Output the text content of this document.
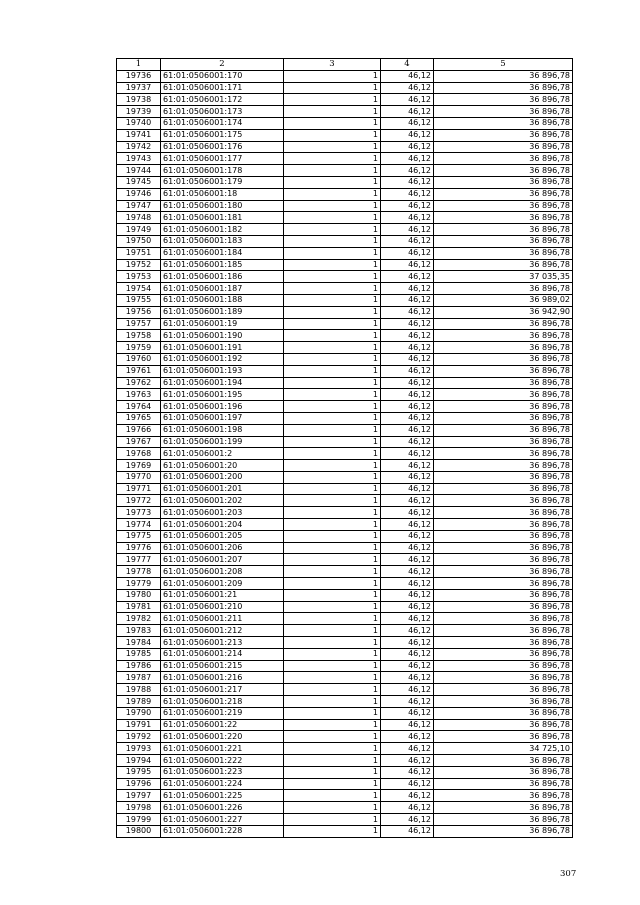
1	2	3	4	5
19736	61:01:0506001:170	1	46,12	36 896,78
19737	61:01:0506001:171	1	46,12	36 896,78
19738	61:01:0506001:172	1	46,12	36 896,78
19739	61:01:0506001:173	1	46,12	36 896,78
19740	61:01:0506001:174	1	46,12	36 896,78
19741	61:01:0506001:175	1	46,12	36 896,78
19742	61:01:0506001:176	1	46,12	36 896,78
19743	61:01:0506001:177	1	46,12	36 896,78
19744	61:01:0506001:178	1	46,12	36 896,78
19745	61:01:0506001:179	1	46,12	36 896,78
19746	61:01:0506001:18	1	46,12	36 896,78
19747	61:01:0506001:180	1	46,12	36 896,78
19748	61:01:0506001:181	1	46,12	36 896,78
19749	61:01:0506001:182	1	46,12	36 896,78
19750	61:01:0506001:183	1	46,12	36 896,78
19751	61:01:0506001:184	1	46,12	36 896,78
19752	61:01:0506001:185	1	46,12	36 896,78
19753	61:01:0506001:186	1	46,12	37 035,35
19754	61:01:0506001:187	1	46,12	36 896,78
19755	61:01:0506001:188	1	46,12	36 989,02
19756	61:01:0506001:189	1	46,12	36 942,90
19757	61:01:0506001:19	1	46,12	36 896,78
19758	61:01:0506001:190	1	46,12	36 896,78
19759	61:01:0506001:191	1	46,12	36 896,78
19760	61:01:0506001:192	1	46,12	36 896,78
19761	61:01:0506001:193	1	46,12	36 896,78
19762	61:01:0506001:194	1	46,12	36 896,78
19763	61:01:0506001:195	1	46,12	36 896,78
19764	61:01:0506001:196	1	46,12	36 896,78
19765	61:01:0506001:197	1	46,12	36 896,78
19766	61:01:0506001:198	1	46,12	36 896,78
19767	61:01:0506001:199	1	46,12	36 896,78
19768	61:01:0506001:2	1	46,12	36 896,78
19769	61:01:0506001:20	1	46,12	36 896,78
19770	61:01:0506001:200	1	46,12	36 896,78
19771	61:01:0506001:201	1	46,12	36 896,78
19772	61:01:0506001:202	1	46,12	36 896,78
19773	61:01:0506001:203	1	46,12	36 896,78
19774	61:01:0506001:204	1	46,12	36 896,78
19775	61:01:0506001:205	1	46,12	36 896,78
19776	61:01:0506001:206	1	46,12	36 896,78
19777	61:01:0506001:207	1	46,12	36 896,78
19778	61:01:0506001:208	1	46,12	36 896,78
19779	61:01:0506001:209	1	46,12	36 896,78
19780	61:01:0506001:21	1	46,12	36 896,78
19781	61:01:0506001:210	1	46,12	36 896,78
19782	61:01:0506001:211	1	46,12	36 896,78
19783	61:01:0506001:212	1	46,12	36 896,78
19784	61:01:0506001:213	1	46,12	36 896,78
19785	61:01:0506001:214	1	46,12	36 896,78
19786	61:01:0506001:215	1	46,12	36 896,78
19787	61:01:0506001:216	1	46,12	36 896,78
19788	61:01:0506001:217	1	46,12	36 896,78
19789	61:01:0506001:218	1	46,12	36 896,78
19790	61:01:0506001:219	1	46,12	36 896,78
19791	61:01:0506001:22	1	46,12	36 896,78
19792	61:01:0506001:220	1	46,12	36 896,78
19793	61:01:0506001:221	1	46,12	34 725,10
19794	61:01:0506001:222	1	46,12	36 896,78
19795	61:01:0506001:223	1	46,12	36 896,78
19796	61:01:0506001:224	1	46,12	36 896,78
19797	61:01:0506001:225	1	46,12	36 896,78
19798	61:01:0506001:226	1	46,12	36 896,78
19799	61:01:0506001:227	1	46,12	36 896,78
19800	61:01:0506001:228	1	46,12	36 896,78
307
